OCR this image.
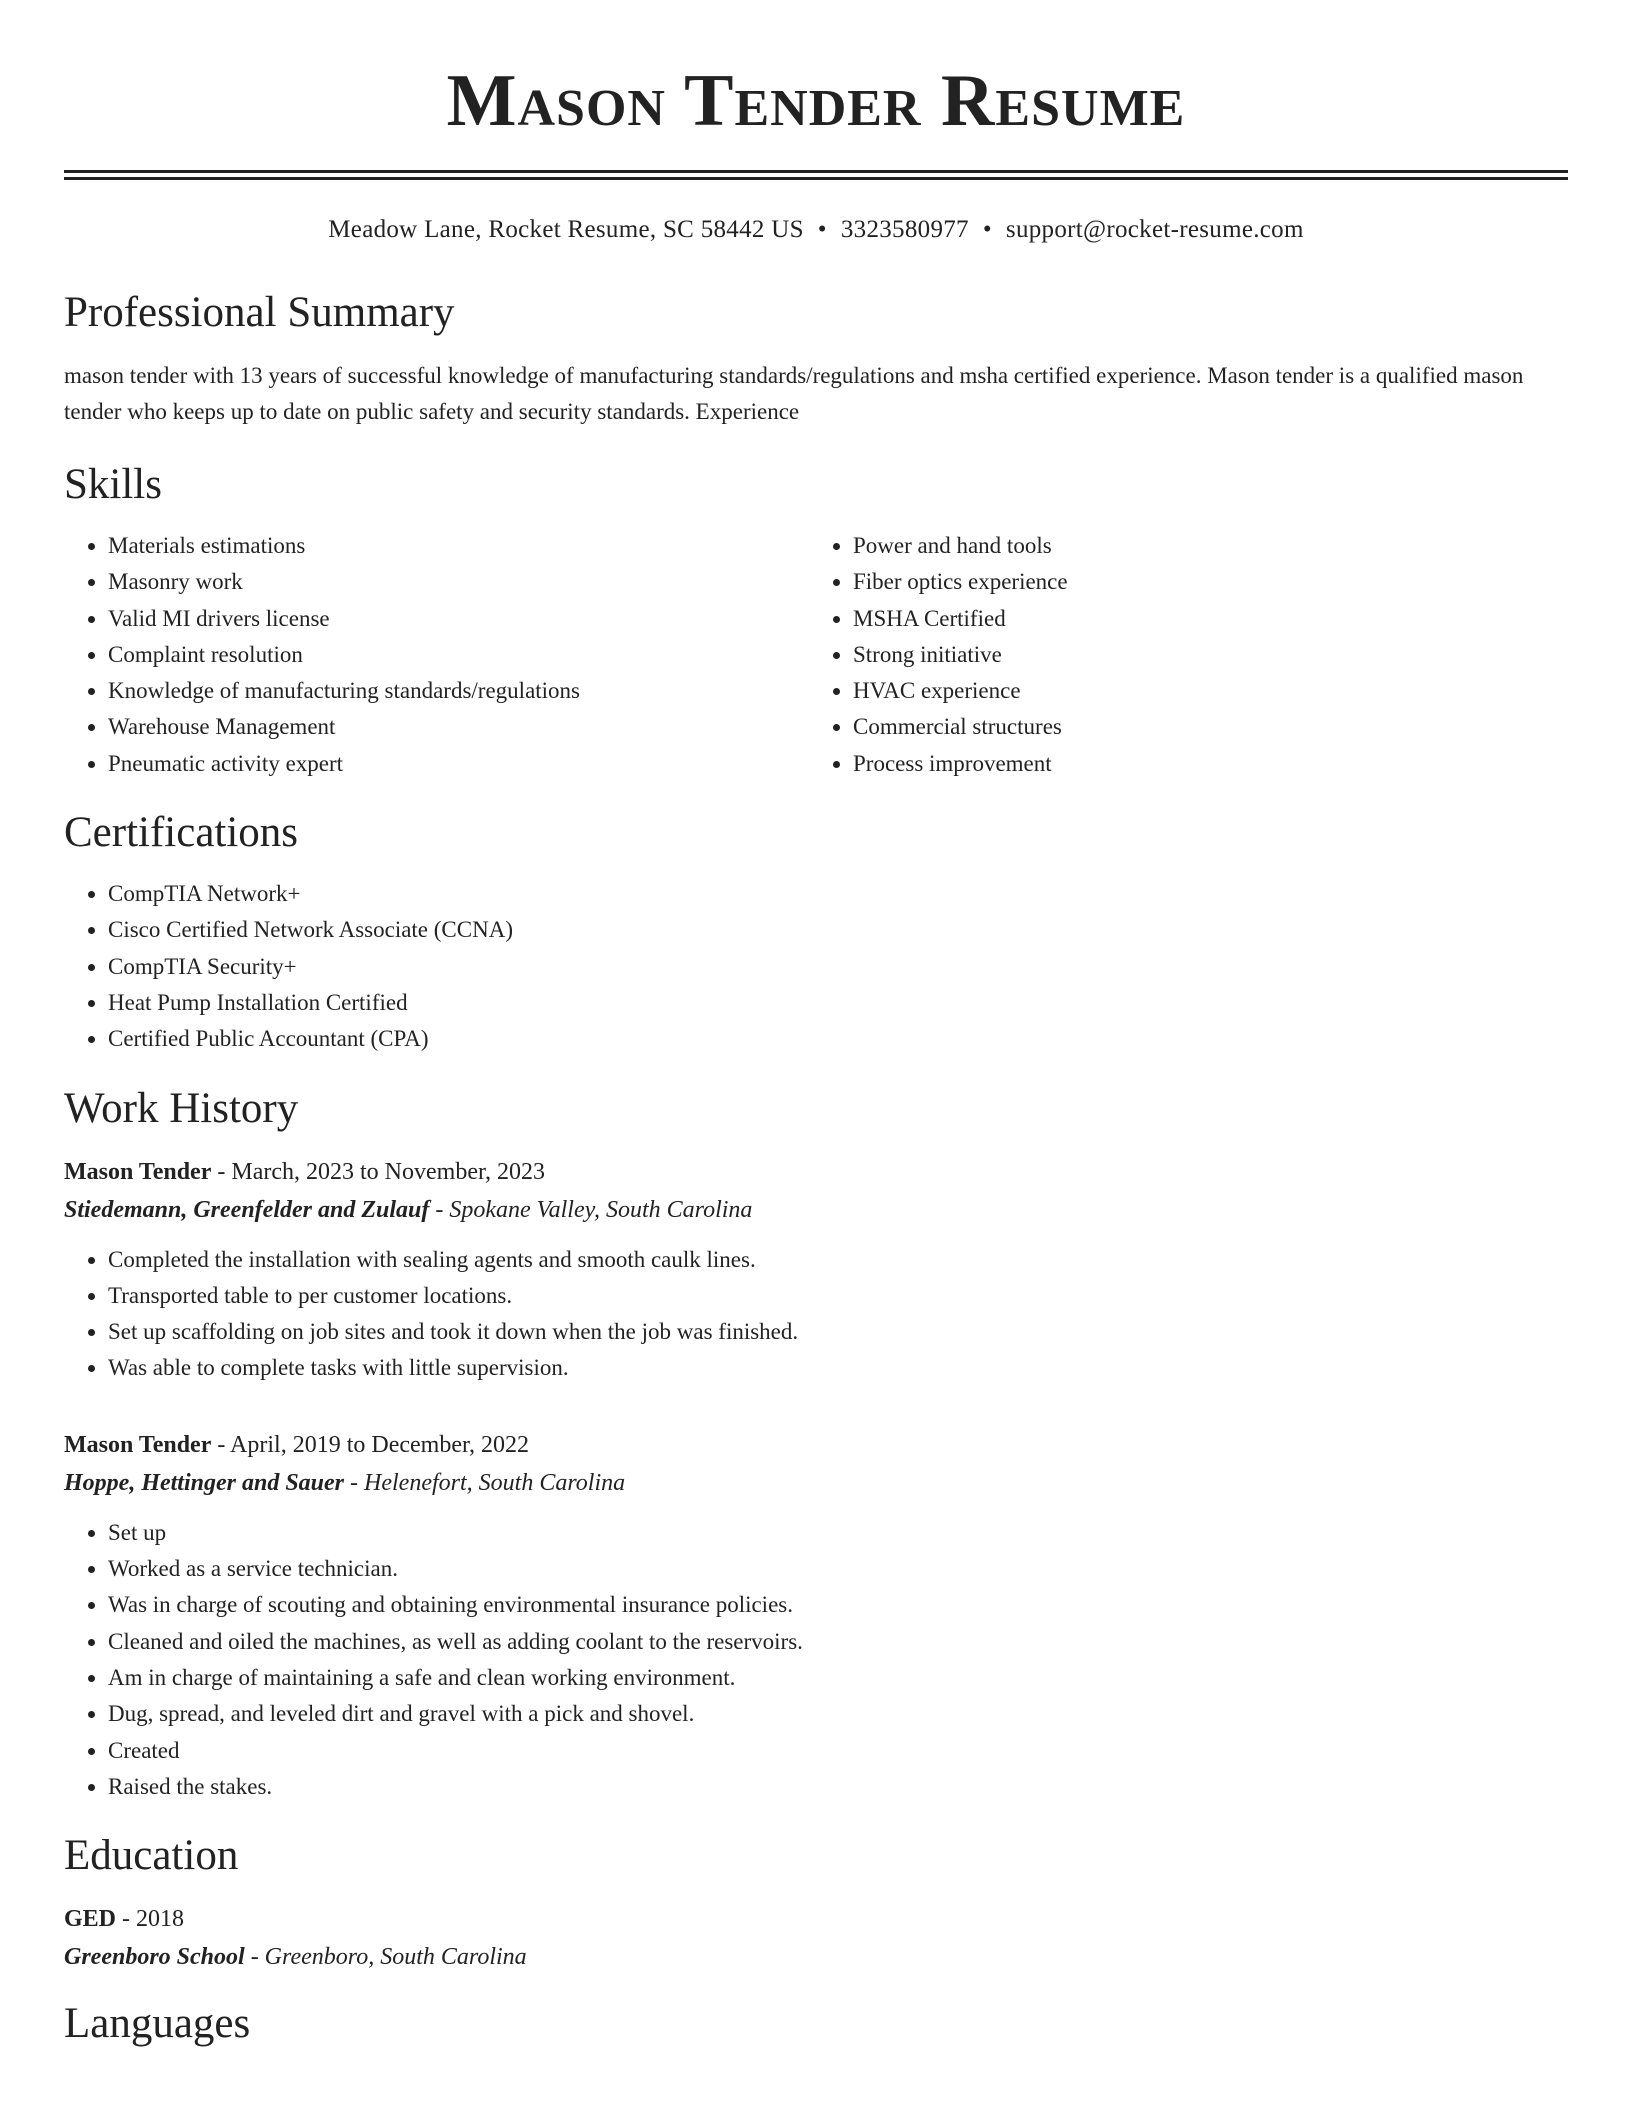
Mason Tender Resume
Meadow Lane, Rocket Resume, SC 58442 US • 3323580977 • support@rocket-resume.com
Professional Summary

mason tender with 13 years of successful knowledge of manufacturing standards/regulations and msha certified experience. Mason tender is a qualified mason tender who keeps up to date on public safety and security standards. Experience

Skills
• Materials estimations
• Masonry work
• Valid MI drivers license
• Complaint resolution
• Knowledge of manufacturing standards/regulations
• Warehouse Management
• Pneumatic activity expert
• Power and hand tools
• Fiber optics experience
• MSHA Certified
• Strong initiative
• HVAC experience
• Commercial structures
• Process improvement
Certifications
• CompTIA Network+
• Cisco Certified Network Associate (CCNA)
• CompTIA Security+
• Heat Pump Installation Certified
• Certified Public Accountant (CPA)
Work History
Mason Tender - March, 2023 to November, 2023
Stiedemann, Greenfelder and Zulauf - Spokane Valley, South Carolina
• Completed the installation with sealing agents and smooth caulk lines.
• Transported table to per customer locations.
• Set up scaffolding on job sites and took it down when the job was finished.
• Was able to complete tasks with little supervision.
Mason Tender - April, 2019 to December, 2022
Hoppe, Hettinger and Sauer - Helenefort, South Carolina
• Set up
• Worked as a service technician.
• Was in charge of scouting and obtaining environmental insurance policies.
• Cleaned and oiled the machines, as well as adding coolant to the reservoirs.
• Am in charge of maintaining a safe and clean working environment.
• Dug, spread, and leveled dirt and gravel with a pick and shovel.
• Created
• Raised the stakes.
Education
GED - 2018
Greenboro School - Greenboro, South Carolina
Languages
